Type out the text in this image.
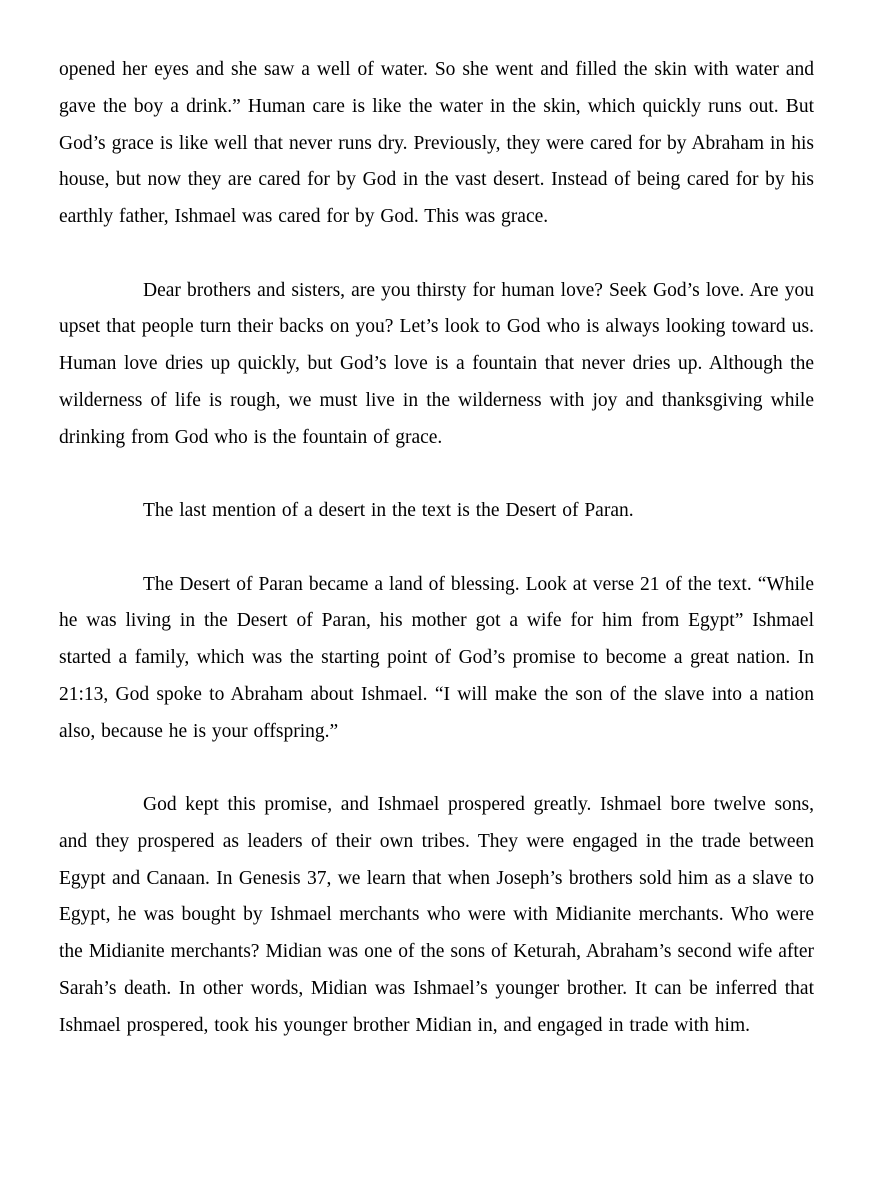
opened her eyes and she saw a well of water. So she went and filled the skin with water and gave the boy a drink.” Human care is like the water in the skin, which quickly runs out. But God’s grace is like well that never runs dry. Previously, they were cared for by Abraham in his house, but now they are cared for by God in the vast desert. Instead of being cared for by his earthly father, Ishmael was cared for by God. This was grace.

Dear brothers and sisters, are you thirsty for human love? Seek God’s love. Are you upset that people turn their backs on you? Let’s look to God who is always looking toward us. Human love dries up quickly, but God’s love is a fountain that never dries up. Although the wilderness of life is rough, we must live in the wilderness with joy and thanksgiving while drinking from God who is the fountain of grace.

The last mention of a desert in the text is the Desert of Paran.

The Desert of Paran became a land of blessing. Look at verse 21 of the text. “While he was living in the Desert of Paran, his mother got a wife for him from Egypt” Ishmael started a family, which was the starting point of God’s promise to become a great nation. In 21:13, God spoke to Abraham about Ishmael. “I will make the son of the slave into a nation also, because he is your offspring.”

God kept this promise, and Ishmael prospered greatly. Ishmael bore twelve sons, and they prospered as leaders of their own tribes. They were engaged in the trade between Egypt and Canaan. In Genesis 37, we learn that when Joseph’s brothers sold him as a slave to Egypt, he was bought by Ishmael merchants who were with Midianite merchants. Who were the Midianite merchants? Midian was one of the sons of Keturah, Abraham’s second wife after Sarah’s death. In other words, Midian was Ishmael’s younger brother. It can be inferred that Ishmael prospered, took his younger brother Midian in, and engaged in trade with him.
